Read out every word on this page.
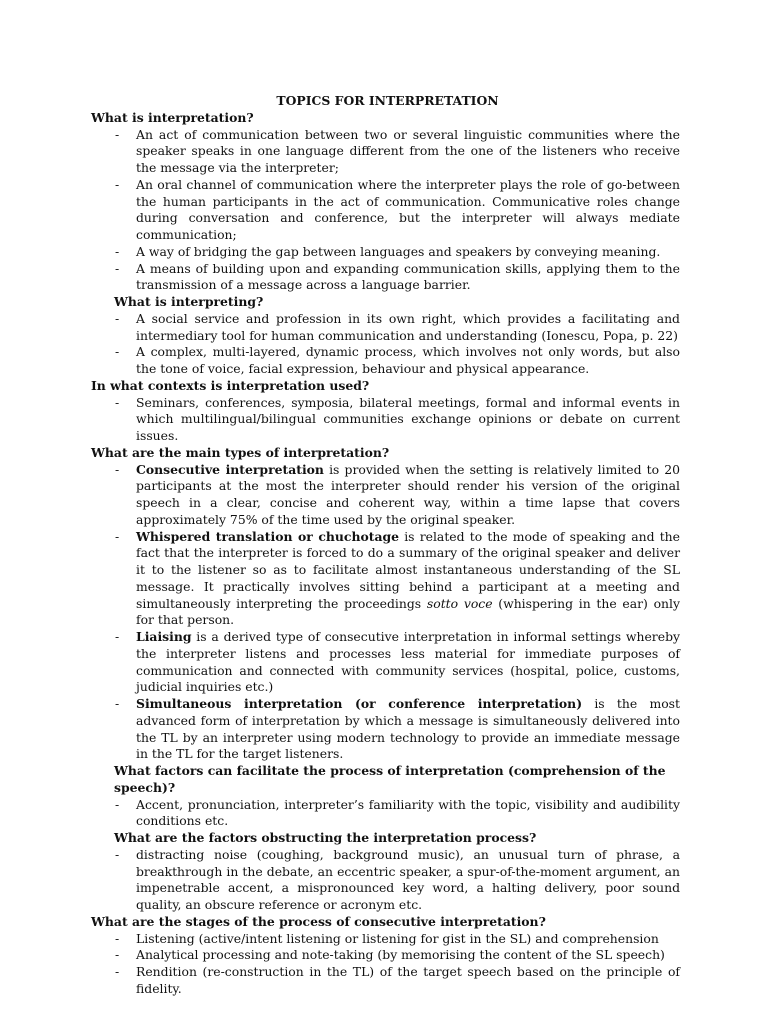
TOPICS FOR INTERPRETATION
What is interpretation?
- An act of communication between two or several linguistic communities where the speaker speaks in one language different from the one of the listeners who receive the message via the interpreter;
- An oral channel of communication where the interpreter plays the role of go-between the human participants in the act of communication. Communicative roles change during conversation and conference, but the interpreter will always mediate communication;
- A way of bridging the gap between languages and speakers by conveying meaning.
- A means of building upon and expanding communication skills, applying them to the transmission of a message across a language barrier.
What is interpreting?
- A social service and profession in its own right, which provides a facilitating and intermediary tool for human communication and understanding (Ionescu, Popa, p. 22)
- A complex, multi-layered, dynamic process, which involves not only words, but also the tone of voice, facial expression, behaviour and physical appearance.
In what contexts is interpretation used?
- Seminars, conferences, symposia, bilateral meetings, formal and informal events in which multilingual/bilingual communities exchange opinions or debate on current issues.
What are the main types of interpretation?
- Consecutive interpretation is provided when the setting is relatively limited to 20 participants at the most the interpreter should render his version of the original speech in a clear, concise and coherent way, within a time lapse that covers approximately 75% of the time used by the original speaker.
- Whispered translation or chuchotage is related to the mode of speaking and the fact that the interpreter is forced to do a summary of the original speaker and deliver it to the listener so as to facilitate almost instantaneous understanding of the SL message. It practically involves sitting behind a participant at a meeting and simultaneously interpreting the proceedings sotto voce (whispering in the ear) only for that person.
- Liaising is a derived type of consecutive interpretation in informal settings whereby the interpreter listens and processes less material for immediate purposes of communication and connected with community services (hospital, police, customs, judicial inquiries etc.)
- Simultaneous interpretation (or conference interpretation) is the most advanced form of interpretation by which a message is simultaneously delivered into the TL by an interpreter using modern technology to provide an immediate message in the TL for the target listeners.
What factors can facilitate the process of interpretation (comprehension of the speech)?
- Accent, pronunciation, interpreter’s familiarity with the topic, visibility and audibility conditions etc.
What are the factors obstructing the interpretation process?
- distracting noise (coughing, background music), an unusual turn of phrase, a breakthrough in the debate, an eccentric speaker, a spur-of-the-moment argument, an impenetrable accent, a mispronounced key word, a halting delivery, poor sound quality, an obscure reference or acronym etc.
What are the stages of the process of consecutive interpretation?
- Listening (active/intent listening or listening for gist in the SL) and comprehension
- Analytical processing and note-taking (by memorising the content of the SL speech)
- Rendition (re-construction in the TL) of the target speech based on the principle of fidelity.
